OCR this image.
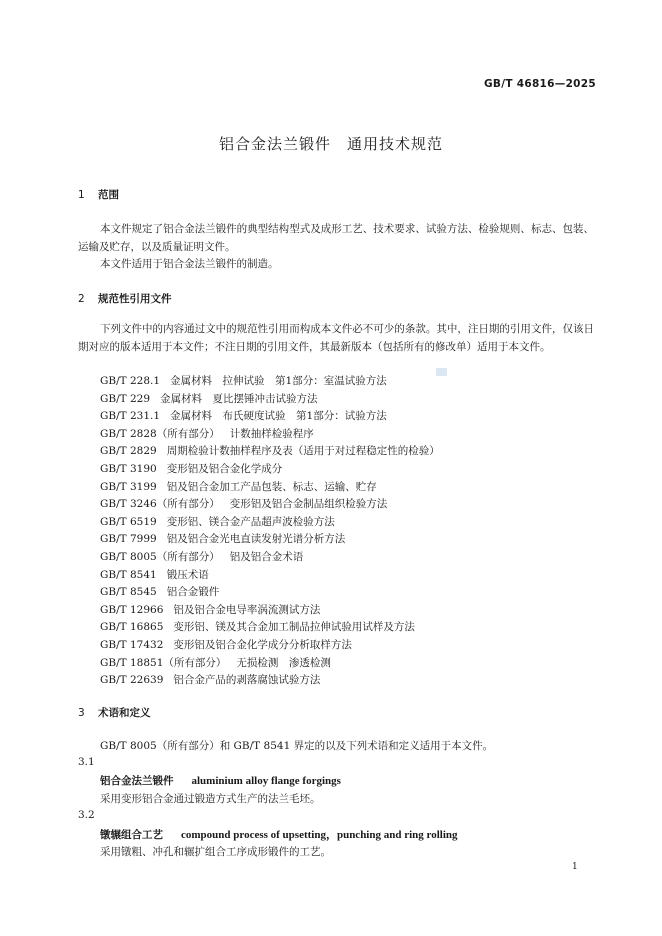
GB/T 46816—2025
铝合金法兰锻件　通用技术规范
1 范围

本文件规定了铝合金法兰锻件的典型结构型式及成形工艺、技术要求、试验方法、检验规则、标志、包装、运输及贮存，以及质量证明文件。

本文件适用于铝合金法兰锻件的制造。

2 规范性引用文件

下列文件中的内容通过文中的规范性引用而构成本文件必不可少的条款。其中，注日期的引用文件，仅该日期对应的版本适用于本文件；不注日期的引用文件，其最新版本（包括所有的修改单）适用于本文件。

GB/T 228.1 金属材料　拉伸试验　第1部分：室温试验方法
GB/T 229 金属材料　夏比摆锤冲击试验方法
GB/T 231.1 金属材料　布氏硬度试验　第1部分：试验方法
GB/T 2828（所有部分） 计数抽样检验程序
GB/T 2829 周期检验计数抽样程序及表（适用于对过程稳定性的检验）
GB/T 3190 变形铝及铝合金化学成分
GB/T 3199 铝及铝合金加工产品包装、标志、运输、贮存
GB/T 3246（所有部分） 变形铝及铝合金制品组织检验方法
GB/T 6519 变形铝、镁合金产品超声波检验方法
GB/T 7999 铝及铝合金光电直读发射光谱分析方法
GB/T 8005（所有部分） 铝及铝合金术语
GB/T 8541 锻压术语
GB/T 8545 铝合金锻件
GB/T 12966 铝及铝合金电导率涡流测试方法
GB/T 16865 变形铝、镁及其合金加工制品拉伸试验用试样及方法
GB/T 17432 变形铝及铝合金化学成分分析取样方法
GB/T 18851（所有部分） 无损检测　渗透检测
GB/T 22639 铝合金产品的剥落腐蚀试验方法
3 术语和定义

GB/T 8005（所有部分）和 GB/T 8541 界定的以及下列术语和定义适用于本文件。

3.1
铝合金法兰锻件 aluminium alloy flange forgings
采用变形铝合金通过锻造方式生产的法兰毛坯。
3.2
镦辗组合工艺 compound process of upsetting，punching and ring rolling
采用镦粗、冲孔和辗扩组合工序成形锻件的工艺。
1
